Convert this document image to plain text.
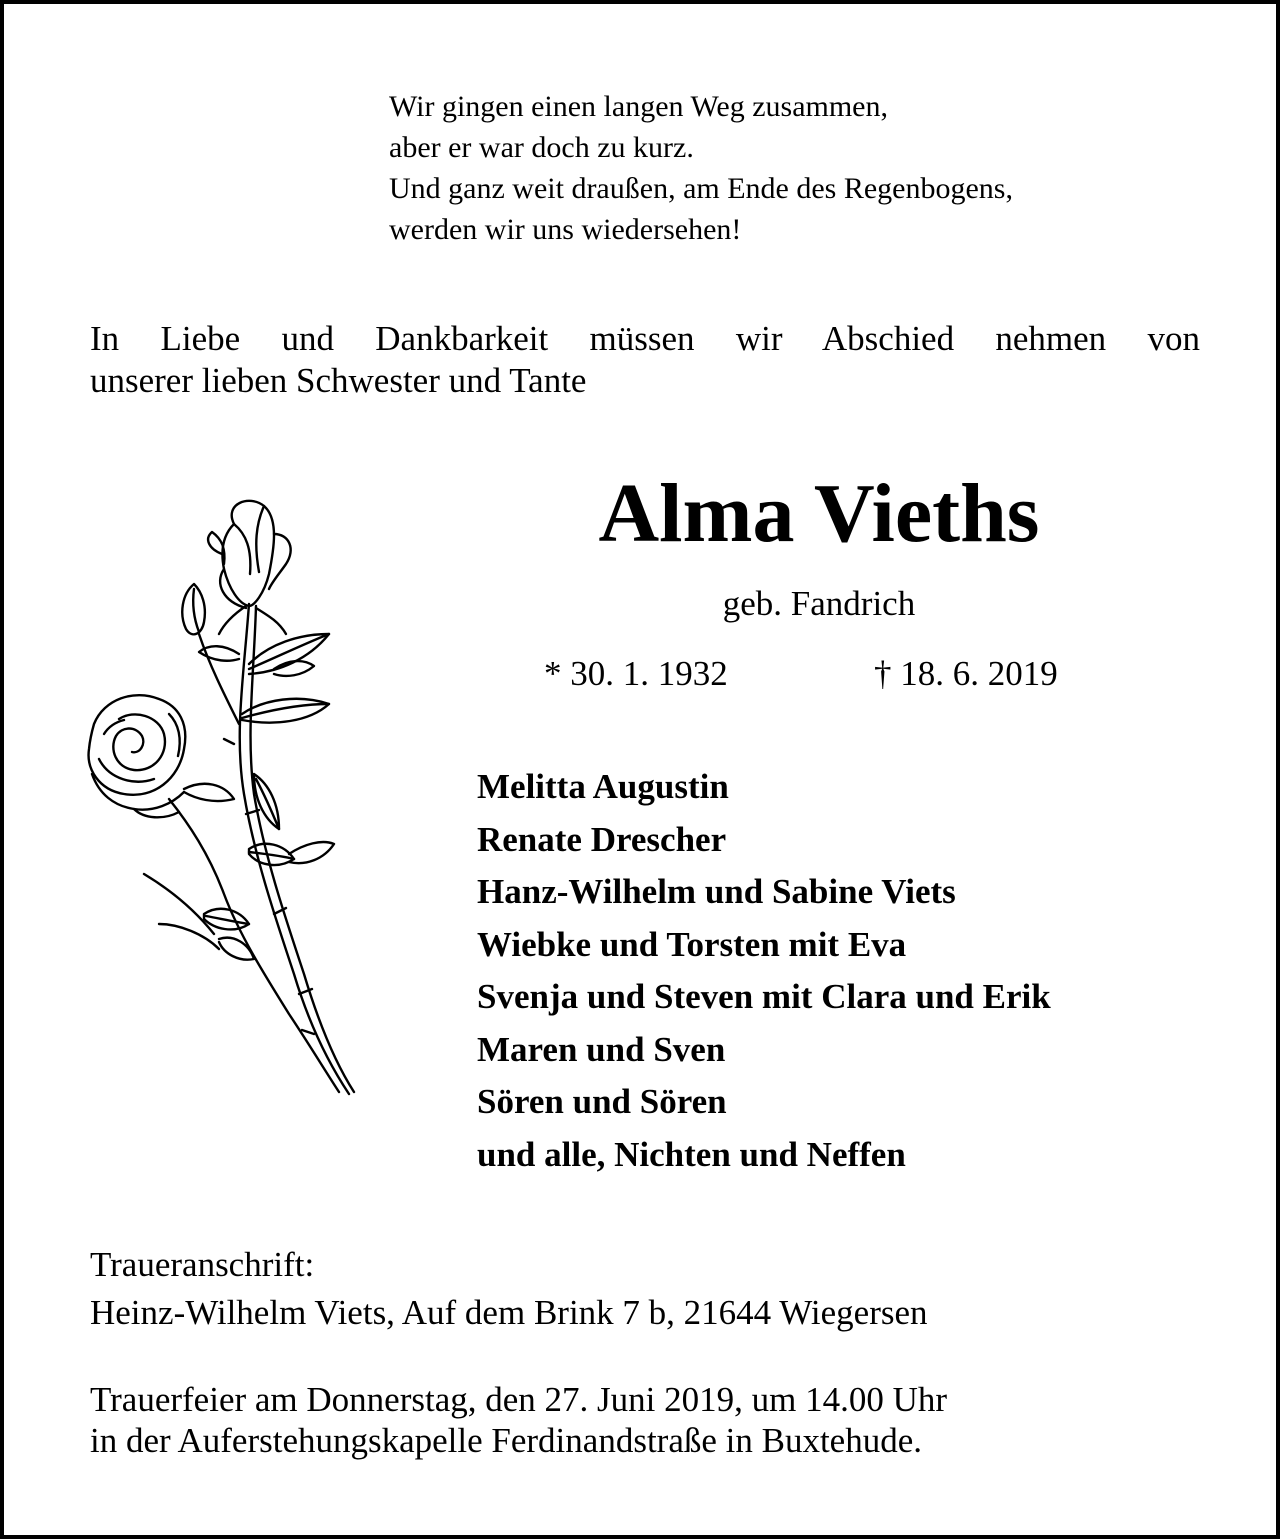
Wir gingen einen langen Weg zusammen,
aber er war doch zu kurz.
Und ganz weit draußen, am Ende des Regenbogens,
werden wir uns wiedersehen!
In Liebe und Dankbarkeit müssen wir Abschied nehmen von
unserer lieben Schwester und Tante
Alma Vieths
geb. Fandrich
* 30. 1. 1932	† 18. 6. 2019
Melitta Augustin
Renate Drescher
Hanz-Wilhelm und Sabine Viets
Wiebke und Torsten mit Eva
Svenja und Steven mit Clara und Erik
Maren und Sven
Sören und Sören
und alle, Nichten und Neffen
Traueranschrift:
Heinz-Wilhelm Viets, Auf dem Brink 7 b, 21644 Wiegersen
Trauerfeier am Donnerstag, den 27. Juni 2019, um 14.00 Uhr
in der Auferstehungskapelle Ferdinandstraße in Buxtehude.
